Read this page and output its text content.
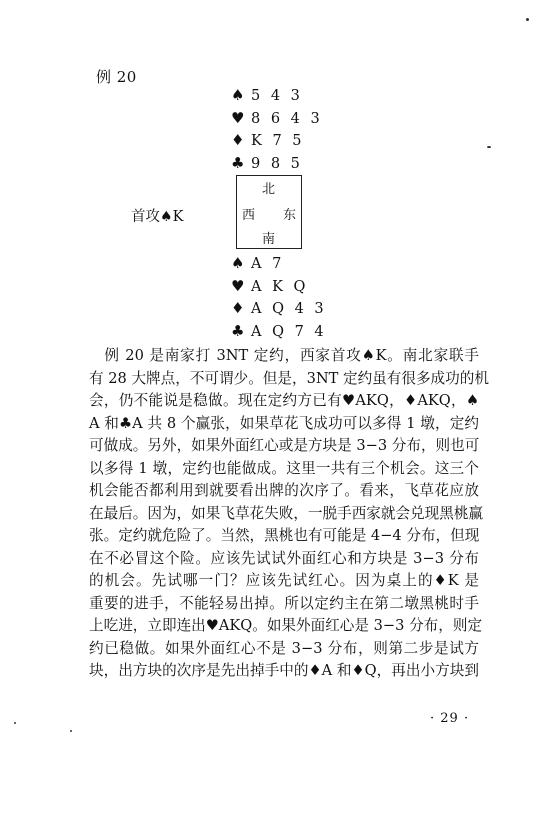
例 20
♠ 5 4 3
♥ 8 6 4 3
♦ K 7 5
♣ 9 8 5
首攻♠K
北
西 东
南
♠ A 7
♥ A K Q
♦ A Q 4 3
♣ A Q 7 4
　例 20 是南家打 3NT 定约，西家首攻♠K。南北家联手
有 28 大牌点，不可谓少。但是，3NT 定约虽有很多成功的机
会，仍不能说是稳做。现在定约方已有♥AKQ，♦AKQ，♠
A 和♣A 共 8 个赢张，如果草花飞成功可以多得 1 墩，定约
可做成。另外，如果外面红心或是方块是 3−3 分布，则也可
以多得 1 墩，定约也能做成。这里一共有三个机会。这三个
机会能否都利用到就要看出牌的次序了。看来，飞草花应放
在最后。因为，如果飞草花失败，一脱手西家就会兑现黑桃赢
张。定约就危险了。当然，黑桃也有可能是 4−4 分布，但现
在不必冒这个险。应该先试试外面红心和方块是 3−3 分布
的机会。先试哪一门？应该先试红心。因为桌上的♦K 是
重要的进手，不能轻易出掉。所以定约主在第二墩黑桃时手
上吃进，立即连出♥AKQ。如果外面红心是 3−3 分布，则定
约已稳做。如果外面红心不是 3−3 分布，则第二步是试方
块，出方块的次序是先出掉手中的♦A 和♦Q，再出小方块到
· 29 ·
